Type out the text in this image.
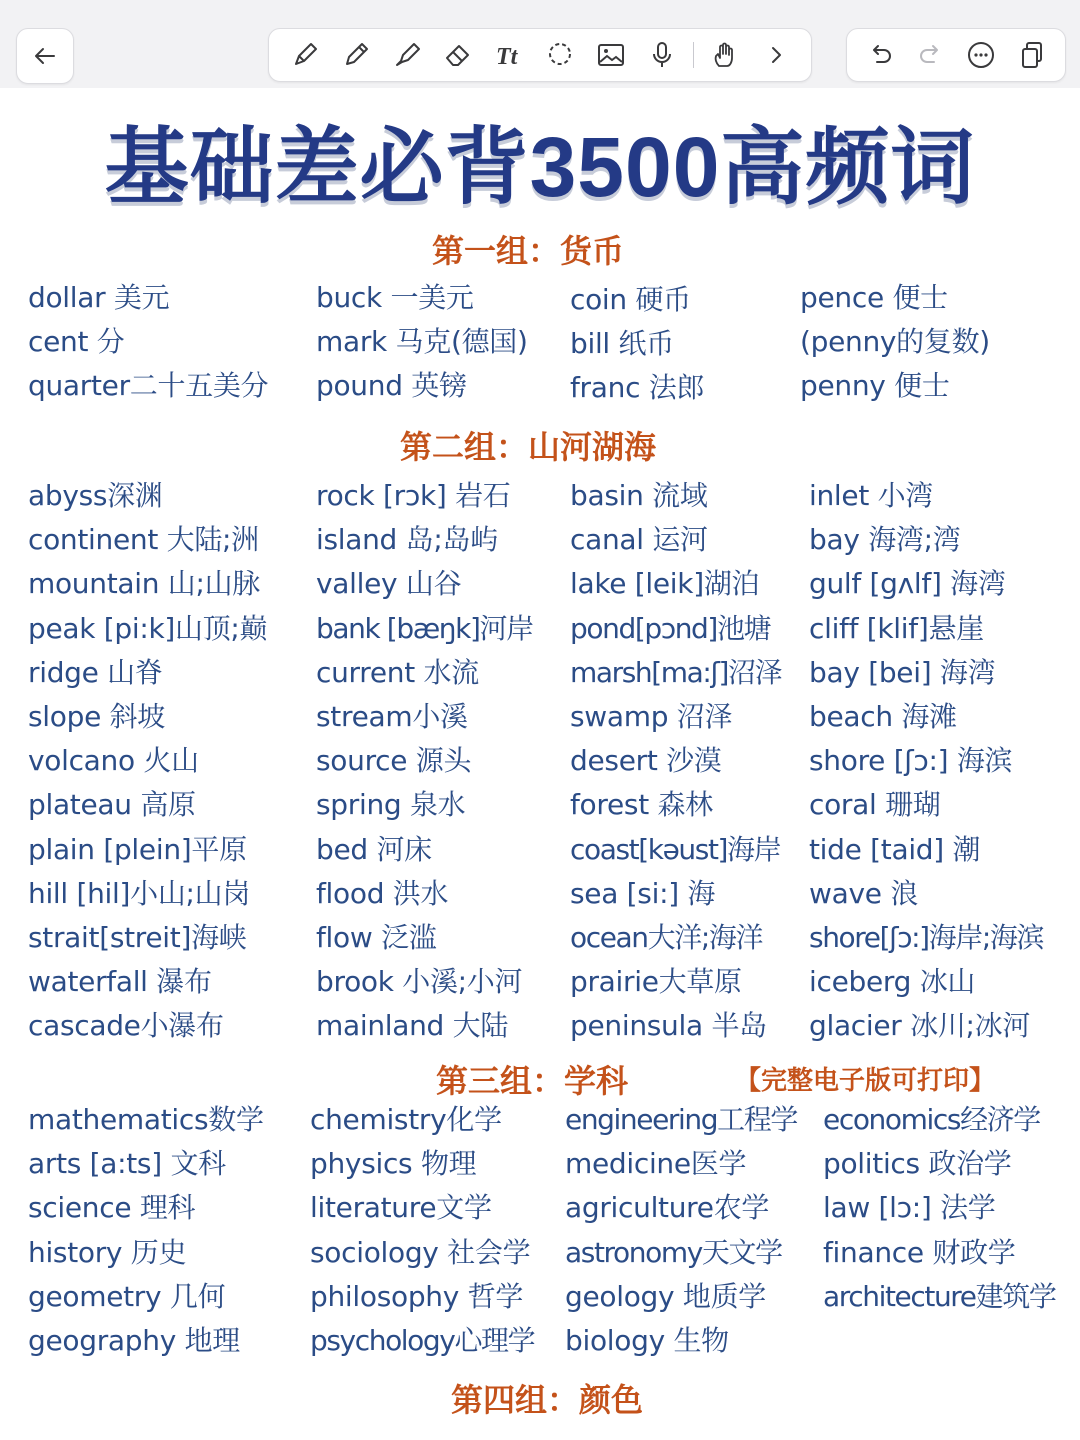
Tt
基础差必背3500高频词
第一组：货币
dollar 美元
cent 分
quarter二十五美分
buck 一美元
mark 马克(德国)
pound 英镑
coin 硬币
bill 纸币
franc 法郎
pence 便士
(penny的复数)
penny 便士
第二组：山河湖海
abyss深渊
continent 大陆;洲
mountain 山;山脉
peak [pi:k]山顶;巅
ridge 山脊
slope 斜坡
volcano 火山
plateau 高原
plain [plein]平原
hill [hil]小山;山岗
strait[streit]海峡
waterfall 瀑布
cascade小瀑布
rock [rɔk] 岩石
island 岛;岛屿
valley 山谷
bank [bæŋk]河岸
current 水流
stream小溪
source 源头
spring 泉水
bed 河床
flood 洪水
flow 泛滥
brook 小溪;小河
mainland 大陆
basin 流域
canal 运河
lake [leik]湖泊
pond[pɔnd]池塘
marsh[ma:ʃ]沼泽
swamp 沼泽
desert 沙漠
forest 森林
coast[kəust]海岸
sea [si:] 海
ocean大洋;海洋
prairie大草原
peninsula 半岛
inlet 小湾
bay 海湾;湾
gulf [gʌlf] 海湾
cliff [klif]悬崖
bay [bei] 海湾
beach 海滩
shore [ʃɔ:] 海滨
coral 珊瑚
tide [taid] 潮
wave 浪
shore[ʃɔ:]海岸;海滨
iceberg 冰山
glacier 冰川;冰河
第三组：学科	【完整电子版可打印】
mathematics数学
arts [a:ts] 文科
science 理科
history 历史
geometry 几何
geography 地理
chemistry化学
physics 物理
literature文学
sociology 社会学
philosophy 哲学
psychology心理学
engineering工程学
medicine医学
agriculture农学
astronomy天文学
geology 地质学
biology 生物
economics经济学
politics 政治学
law [lɔ:] 法学
finance 财政学
architecture建筑学
第四组：颜色
